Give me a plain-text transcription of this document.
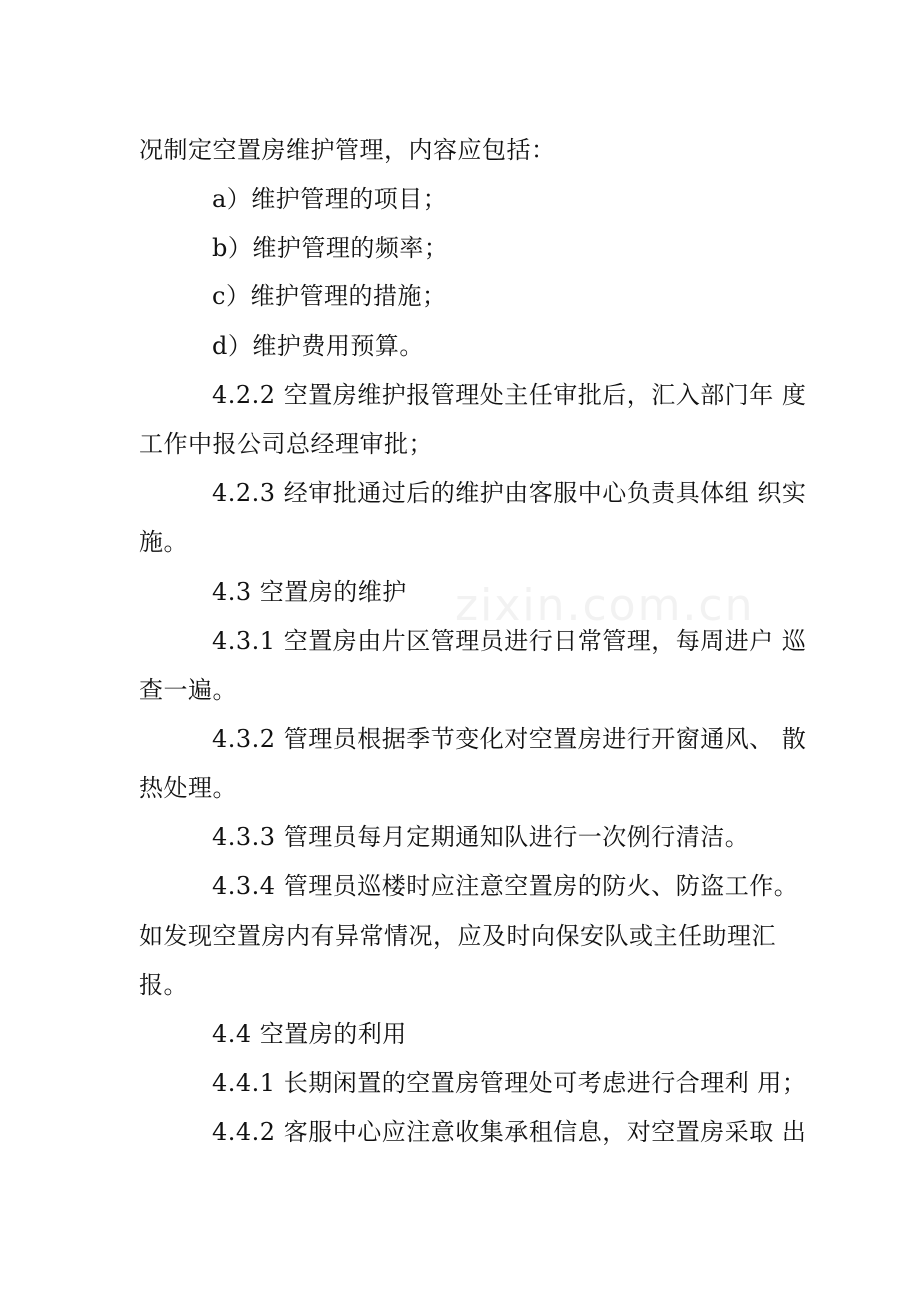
zixin.com.cn
况制定空置房维护管理，内容应包括：
a）维护管理的项目；
b）维护管理的频率；
c）维护管理的措施；
d）维护费用预算。
4.2.2 空置房维护报管理处主任审批后，汇入部门年 度
工作中报公司总经理审批；
4.2.3 经审批通过后的维护由客服中心负责具体组 织实
施。
4.3 空置房的维护
4.3.1 空置房由片区管理员进行日常管理，每周进户 巡
查一遍。
4.3.2 管理员根据季节变化对空置房进行开窗通风、 散
热处理。
4.3.3 管理员每月定期通知队进行一次例行清洁。
4.3.4 管理员巡楼时应注意空置房的防火、防盗工作。
如发现空置房内有异常情况，应及时向保安队或主任助理汇
报。
4.4 空置房的利用
4.4.1 长期闲置的空置房管理处可考虑进行合理利 用；
4.4.2 客服中心应注意收集承租信息，对空置房采取 出
